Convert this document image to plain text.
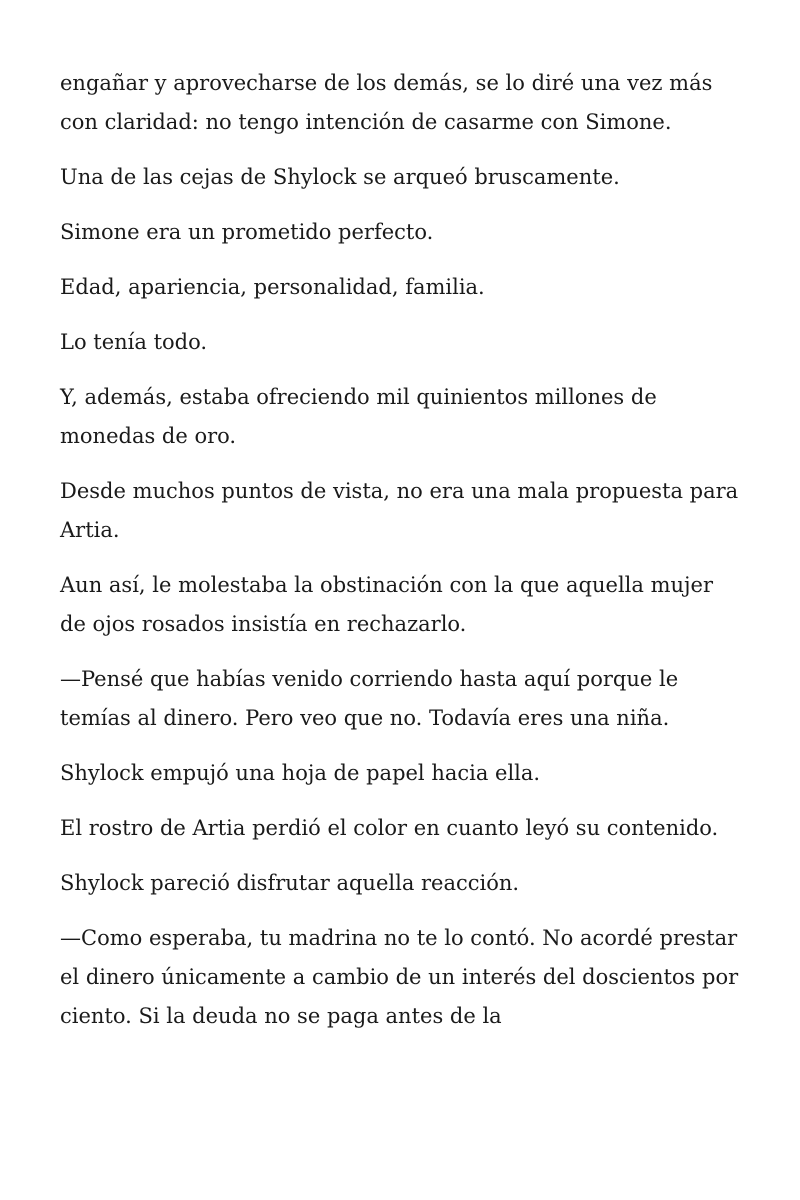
engañar y aprovecharse de los demás, se lo diré una vez más con claridad: no tengo intención de casarme con Simone.

Una de las cejas de Shylock se arqueó bruscamente.

Simone era un prometido perfecto.

Edad, apariencia, personalidad, familia.

Lo tenía todo.

Y, además, estaba ofreciendo mil quinientos millones de monedas de oro.

Desde muchos puntos de vista, no era una mala propuesta para Artia.

Aun así, le molestaba la obstinación con la que aquella mujer de ojos rosados insistía en rechazarlo.

—Pensé que habías venido corriendo hasta aquí porque le temías al dinero. Pero veo que no. Todavía eres una niña.

Shylock empujó una hoja de papel hacia ella.

El rostro de Artia perdió el color en cuanto leyó su contenido.

Shylock pareció disfrutar aquella reacción.

—Como esperaba, tu madrina no te lo contó. No acordé prestar el dinero únicamente a cambio de un interés del doscientos por ciento. Si la deuda no se paga antes de la
